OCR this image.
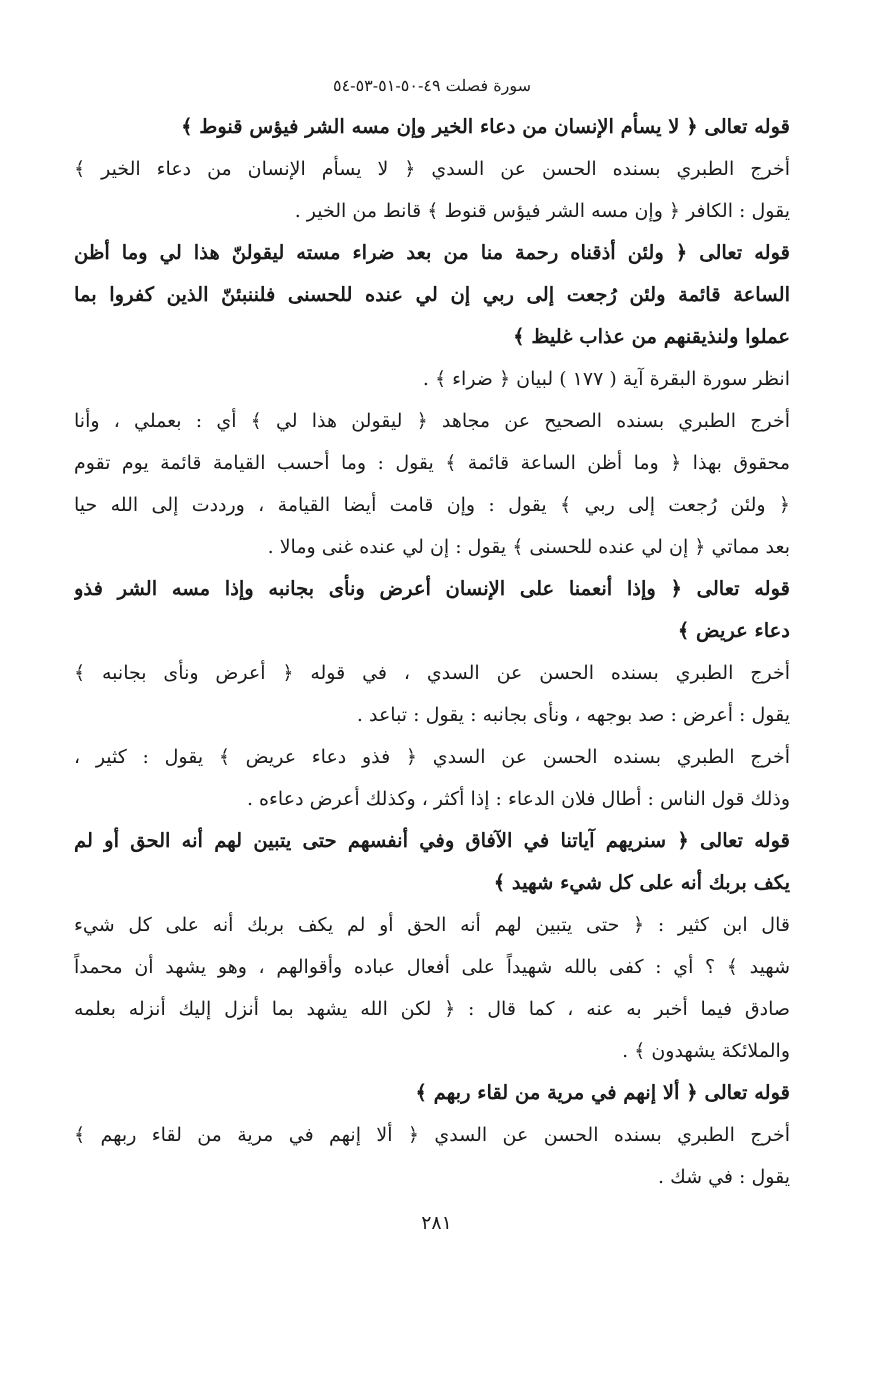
سورة فصلت ٤٩-٥٠-٥١-٥٣-٥٤
قوله تعالى ﴿ لا يسأم الإنسان من دعاء الخير وإن مسه الشر فيؤس قنوط ﴾
أخرج الطبري بسنده الحسن عن السدي ﴿ لا يسأم الإنسان من دعاء الخير ﴾
يقول : الكافر ﴿ وإن مسه الشر فيؤس قنوط ﴾ قانط من الخير .
قوله تعالى ﴿ ولئن أذقناه رحمة منا من بعد ضراء مسته ليقولنّ هذا لي وما أظن
الساعة قائمة ولئن رُجعت إلى ربي إن لي عنده للحسنى فلننبئنّ الذين كفروا بما
عملوا ولنذيقنهم من عذاب غليظ ﴾
انظر سورة البقرة آية ( ١٧٧ ) لبيان ﴿ ضراء ﴾ .
أخرج الطبري بسنده الصحيح عن مجاهد ﴿ ليقولن هذا لي ﴾ أي : بعملي ، وأنا
محقوق بهذا ﴿ وما أظن الساعة قائمة ﴾ يقول : وما أحسب القيامة قائمة يوم تقوم
﴿ ولئن رُجعت إلى ربي ﴾ يقول : وإن قامت أيضا القيامة ، ورددت إلى الله حيا
بعد مماتي ﴿ إن لي عنده للحسنى ﴾ يقول : إن لي عنده غنى ومالا .
قوله تعالى ﴿ وإذا أنعمنا على الإنسان أعرض ونأى بجانبه وإذا مسه الشر فذو
دعاء عريض ﴾
أخرج الطبري بسنده الحسن عن السدي ، في قوله ﴿ أعرض ونأى بجانبه ﴾
يقول : أعرض : صد بوجهه ، ونأى بجانبه : يقول : تباعد .
أخرج الطبري بسنده الحسن عن السدي ﴿ فذو دعاء عريض ﴾ يقول : كثير ،
وذلك قول الناس : أطال فلان الدعاء : إذا أكثر ، وكذلك أعرض دعاءه .
قوله تعالى ﴿ سنريهم آياتنا في الآفاق وفي أنفسهم حتى يتبين لهم أنه الحق أو لم
يكف بربك أنه على كل شيء شهيد ﴾
قال ابن كثير : ﴿ حتى يتبين لهم أنه الحق أو لم يكف بربك أنه على كل شيء
شهيد ﴾ ؟ أي : كفى بالله شهيداً على أفعال عباده وأقوالهم ، وهو يشهد أن محمداً
صادق فيما أخبر به عنه ، كما قال : ﴿ لكن الله يشهد بما أنزل إليك أنزله بعلمه
والملائكة يشهدون ﴾ .
قوله تعالى ﴿ ألا إنهم في مرية من لقاء ربهم ﴾
أخرج الطبري بسنده الحسن عن السدي ﴿ ألا إنهم في مرية من لقاء ربهم ﴾
يقول : في شك .
٢٨١
